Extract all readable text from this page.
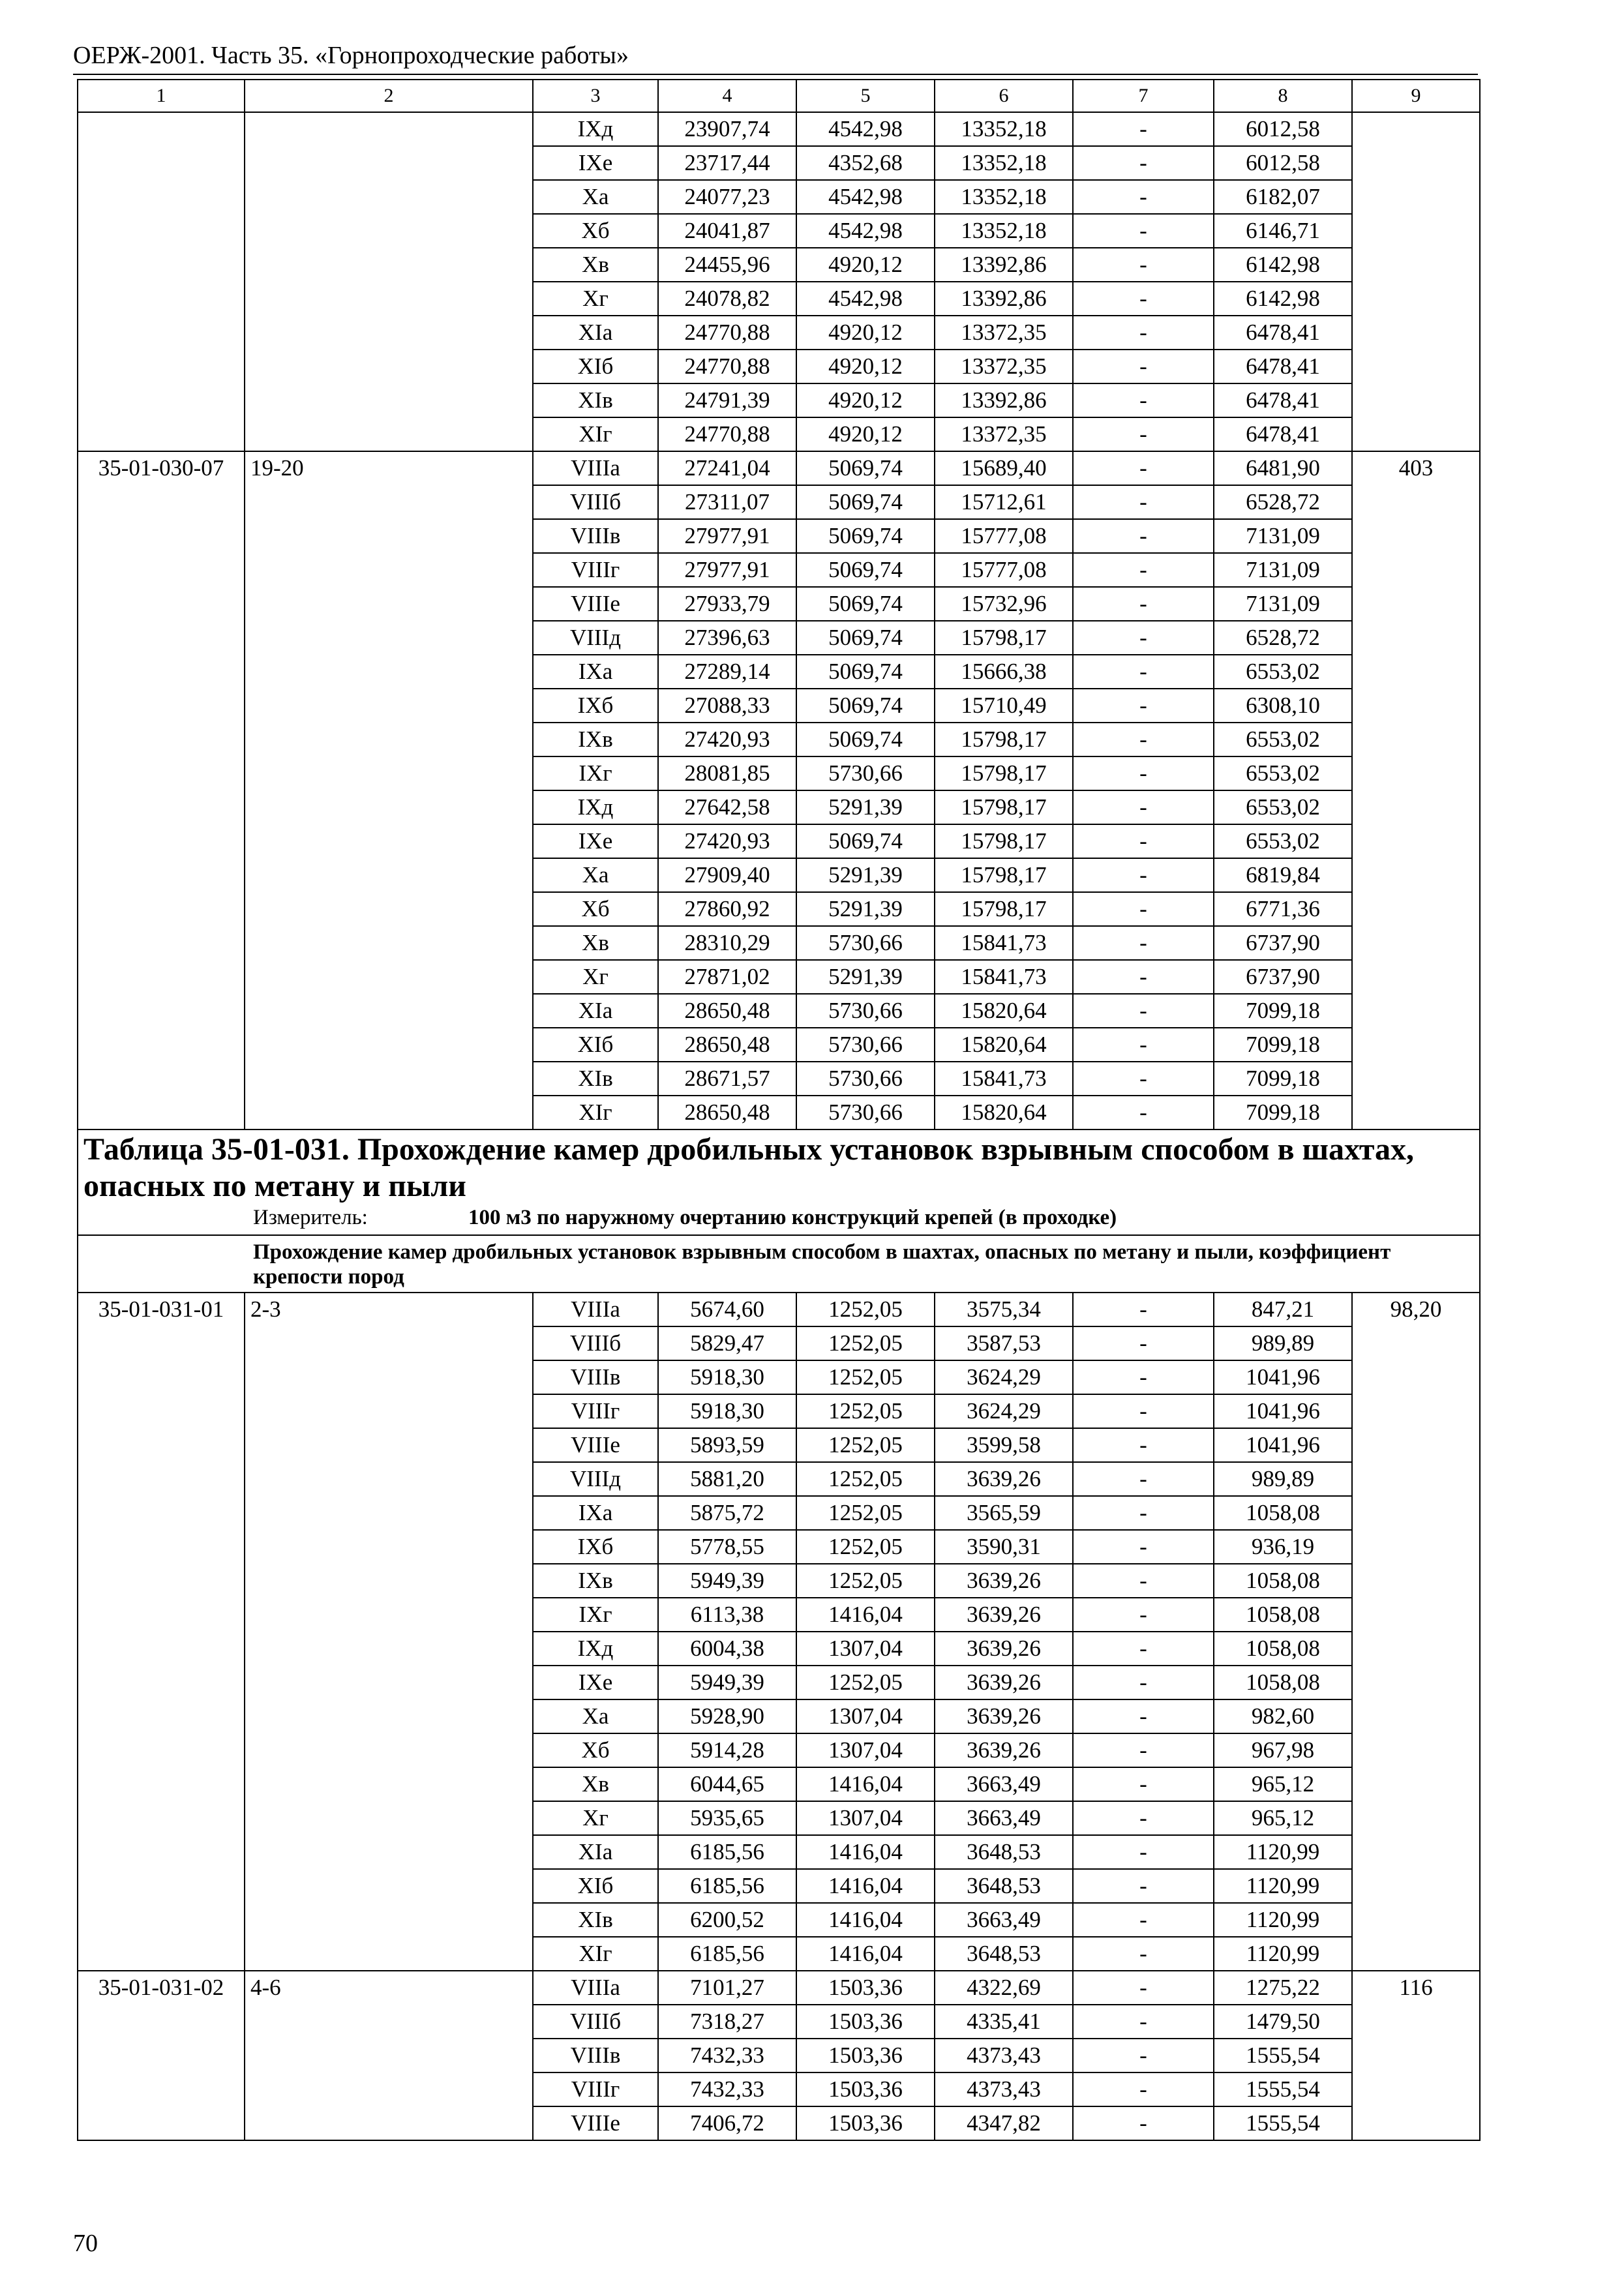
ОЕРЖ-2001. Часть 35. «Горнопроходческие работы»
1	2	3	4	5	6	7	8	9
		IXд	23907,74	4542,98	13352,18	-	6012,58	
		IXе	23717,44	4352,68	13352,18	-	6012,58	
		Xа	24077,23	4542,98	13352,18	-	6182,07	
		Xб	24041,87	4542,98	13352,18	-	6146,71	
		Xв	24455,96	4920,12	13392,86	-	6142,98	
		Xг	24078,82	4542,98	13392,86	-	6142,98	
		XIа	24770,88	4920,12	13372,35	-	6478,41	
		XIб	24770,88	4920,12	13372,35	-	6478,41	
		XIв	24791,39	4920,12	13392,86	-	6478,41	
		XIг	24770,88	4920,12	13372,35	-	6478,41	
35-01-030-07	19-20	VIIIа	27241,04	5069,74	15689,40	-	6481,90	403
		VIIIб	27311,07	5069,74	15712,61	-	6528,72	
		VIIIв	27977,91	5069,74	15777,08	-	7131,09	
		VIIIг	27977,91	5069,74	15777,08	-	7131,09	
		VIIIе	27933,79	5069,74	15732,96	-	7131,09	
		VIIIд	27396,63	5069,74	15798,17	-	6528,72	
		IXа	27289,14	5069,74	15666,38	-	6553,02	
		IXб	27088,33	5069,74	15710,49	-	6308,10	
		IXв	27420,93	5069,74	15798,17	-	6553,02	
		IXг	28081,85	5730,66	15798,17	-	6553,02	
		IXд	27642,58	5291,39	15798,17	-	6553,02	
		IXе	27420,93	5069,74	15798,17	-	6553,02	
		Xа	27909,40	5291,39	15798,17	-	6819,84	
		Xб	27860,92	5291,39	15798,17	-	6771,36	
		Xв	28310,29	5730,66	15841,73	-	6737,90	
		Xг	27871,02	5291,39	15841,73	-	6737,90	
		XIа	28650,48	5730,66	15820,64	-	7099,18	
		XIб	28650,48	5730,66	15820,64	-	7099,18	
		XIв	28671,57	5730,66	15841,73	-	7099,18	
		XIг	28650,48	5730,66	15820,64	-	7099,18	

Таблица 35-01-031. Прохождение камер дробильных установок взрывным способом в шахтах, опасных по метану и пыли
Измеритель: 100 м3 по наружному очертанию конструкций крепей (в проходке)								

Прохождение камер дробильных установок взрывным способом в шахтах, опасных по метану и пыли, коэффициент крепости пород								

35-01-031-01	2-3	VIIIа	5674,60	1252,05	3575,34	-	847,21	98,20
		VIIIб	5829,47	1252,05	3587,53	-	989,89	
		VIIIв	5918,30	1252,05	3624,29	-	1041,96	
		VIIIг	5918,30	1252,05	3624,29	-	1041,96	
		VIIIе	5893,59	1252,05	3599,58	-	1041,96	
		VIIIд	5881,20	1252,05	3639,26	-	989,89	
		IXа	5875,72	1252,05	3565,59	-	1058,08	
		IXб	5778,55	1252,05	3590,31	-	936,19	
		IXв	5949,39	1252,05	3639,26	-	1058,08	
		IXг	6113,38	1416,04	3639,26	-	1058,08	
		IXд	6004,38	1307,04	3639,26	-	1058,08	
		IXе	5949,39	1252,05	3639,26	-	1058,08	
		Xа	5928,90	1307,04	3639,26	-	982,60	
		Xб	5914,28	1307,04	3639,26	-	967,98	
		Xв	6044,65	1416,04	3663,49	-	965,12	
		Xг	5935,65	1307,04	3663,49	-	965,12	
		XIа	6185,56	1416,04	3648,53	-	1120,99	
		XIб	6185,56	1416,04	3648,53	-	1120,99	
		XIв	6200,52	1416,04	3663,49	-	1120,99	
		XIг	6185,56	1416,04	3648,53	-	1120,99	
35-01-031-02	4-6	VIIIа	7101,27	1503,36	4322,69	-	1275,22	116
		VIIIб	7318,27	1503,36	4335,41	-	1479,50	
		VIIIв	7432,33	1503,36	4373,43	-	1555,54	
		VIIIг	7432,33	1503,36	4373,43	-	1555,54	
		VIIIе	7406,72	1503,36	4347,82	-	1555,54	
70
